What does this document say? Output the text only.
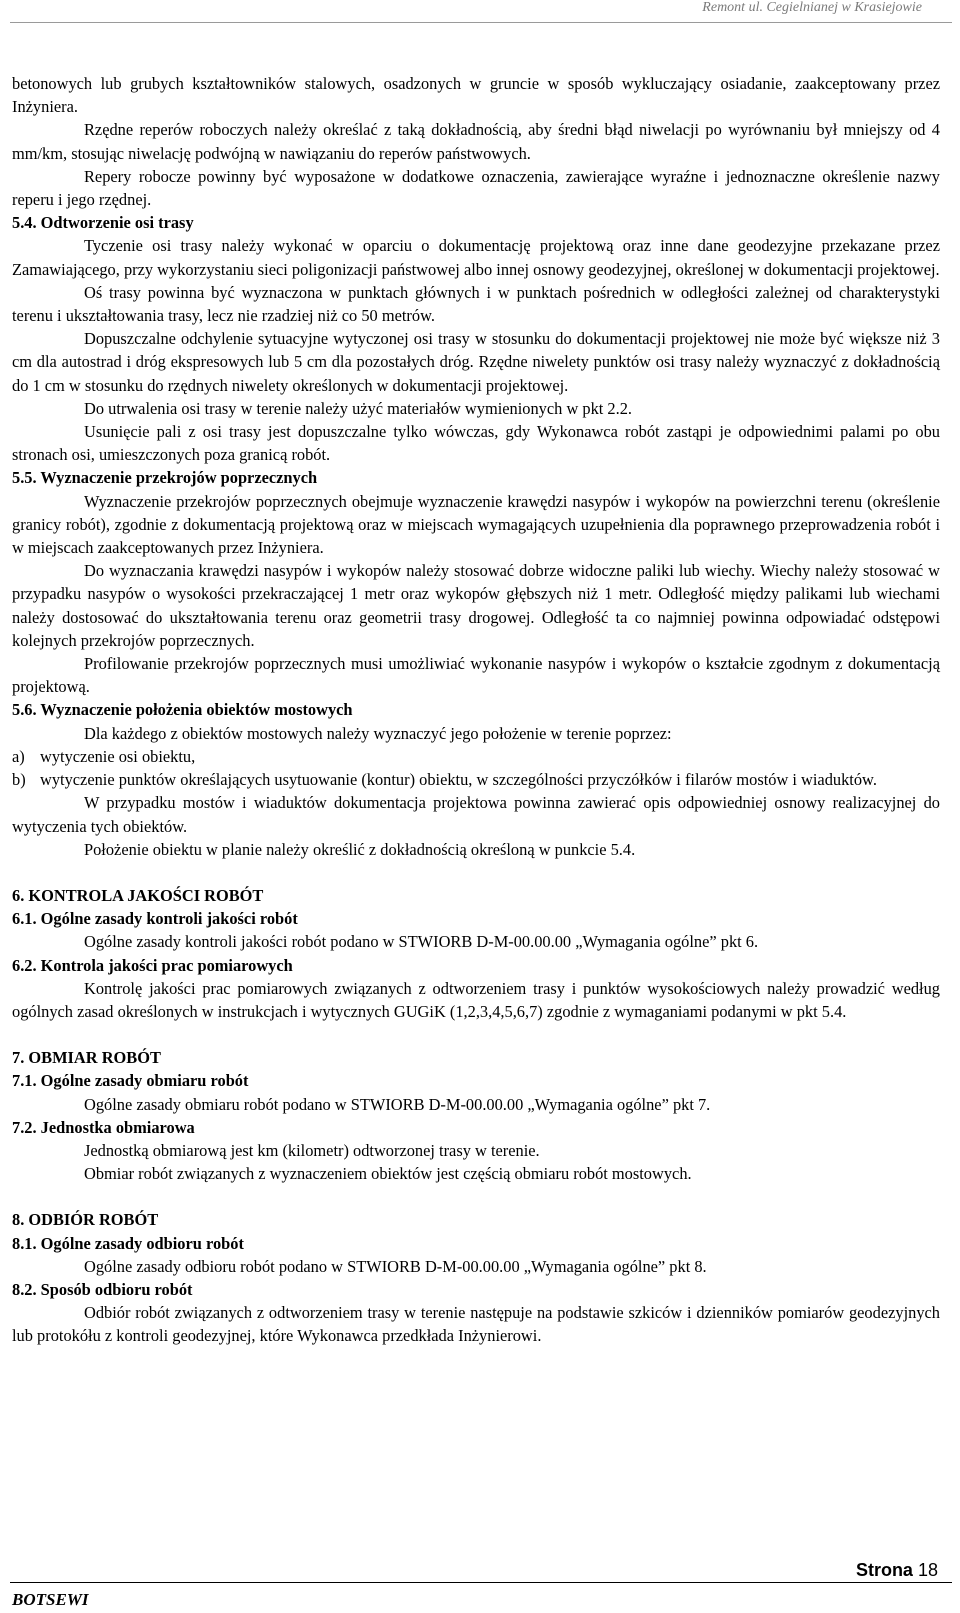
Remont ul. Cegielnianej w Krasiejowie

betonowych lub grubych kształtowników stalowych, osadzonych w gruncie w sposób wykluczający osiadanie, zaakceptowany przez Inżyniera.

Rzędne reperów roboczych należy określać z taką dokładnością, aby średni błąd niwelacji po wyrównaniu był mniejszy od 4 mm/km, stosując niwelację podwójną w nawiązaniu do reperów państwowych.

Repery robocze powinny być wyposażone w dodatkowe oznaczenia, zawierające wyraźne i jednoznaczne określenie nazwy reperu i jego rzędnej.

5.4. Odtworzenie osi trasy

Tyczenie osi trasy należy wykonać w oparciu o dokumentację projektową oraz inne dane geodezyjne przekazane przez Zamawiającego, przy wykorzystaniu sieci poligonizacji państwowej albo innej osnowy geodezyjnej, określonej w dokumentacji projektowej.

Oś trasy powinna być wyznaczona w punktach głównych i w punktach pośrednich w odległości zależnej od charakterystyki terenu i ukształtowania trasy, lecz nie rzadziej niż co 50 metrów.

Dopuszczalne odchylenie sytuacyjne wytyczonej osi trasy w stosunku do dokumentacji projektowej nie może być większe niż 3 cm dla autostrad i dróg ekspresowych lub 5 cm dla pozostałych dróg. Rzędne niwelety punktów osi trasy należy wyznaczyć z dokładnością do 1 cm w stosunku do rzędnych niwelety określonych w dokumentacji projektowej.

Do utrwalenia osi trasy w terenie należy użyć materiałów wymienionych w pkt 2.2.

Usunięcie pali z osi trasy jest dopuszczalne tylko wówczas, gdy Wykonawca robót zastąpi je odpowiednimi palami po obu stronach osi, umieszczonych poza granicą robót.

5.5. Wyznaczenie przekrojów poprzecznych

Wyznaczenie przekrojów poprzecznych obejmuje wyznaczenie krawędzi nasypów i wykopów na powierzchni terenu (określenie granicy robót), zgodnie z dokumentacją projektową oraz w miejscach wymagających uzupełnienia dla poprawnego przeprowadzenia robót i w miejscach zaakceptowanych przez Inżyniera.

Do wyznaczania krawędzi nasypów i wykopów należy stosować dobrze widoczne paliki lub wiechy. Wiechy należy stosować w przypadku nasypów o wysokości przekraczającej 1 metr oraz wykopów głębszych niż 1 metr. Odległość między palikami lub wiechami należy dostosować do ukształtowania terenu oraz geometrii trasy drogowej. Odległość ta co najmniej powinna odpowiadać odstępowi kolejnych przekrojów poprzecznych.

Profilowanie przekrojów poprzecznych musi umożliwiać wykonanie nasypów i wykopów o kształcie zgodnym z dokumentacją projektową.

5.6. Wyznaczenie położenia obiektów mostowych

Dla każdego z obiektów mostowych należy wyznaczyć jego położenie w terenie poprzez:

a) wytyczenie osi obiektu,
b) wytyczenie punktów określających usytuowanie (kontur) obiektu, w szczególności przyczółków i filarów mostów i wiaduktów.

W przypadku mostów i wiaduktów dokumentacja projektowa powinna zawierać opis odpowiedniej osnowy realizacyjnej do wytyczenia tych obiektów.

Położenie obiektu w planie należy określić z dokładnością określoną w punkcie 5.4.

6. KONTROLA JAKOŚCI ROBÓT
6.1. Ogólne zasady kontroli jakości robót

Ogólne zasady kontroli jakości robót podano w STWIORB D-M-00.00.00 „Wymagania ogólne” pkt 6.

6.2. Kontrola jakości prac pomiarowych

Kontrolę jakości prac pomiarowych związanych z odtworzeniem trasy i punktów wysokościowych należy prowadzić według ogólnych zasad określonych w instrukcjach i wytycznych GUGiK (1,2,3,4,5,6,7) zgodnie z wymaganiami podanymi w pkt 5.4.

7. OBMIAR ROBÓT
7.1. Ogólne zasady obmiaru robót

Ogólne zasady obmiaru robót podano w STWIORB D-M-00.00.00 „Wymagania ogólne” pkt 7.

7.2. Jednostka obmiarowa

Jednostką obmiarową jest km (kilometr) odtworzonej trasy w terenie.

Obmiar robót związanych z wyznaczeniem obiektów jest częścią obmiaru robót mostowych.

8. ODBIÓR ROBÓT
8.1. Ogólne zasady odbioru robót

Ogólne zasady odbioru robót podano w STWIORB D-M-00.00.00 „Wymagania ogólne” pkt 8.

8.2. Sposób odbioru robót

Odbiór robót związanych z odtworzeniem trasy w terenie następuje na podstawie szkiców i dzienników pomiarów geodezyjnych lub protokółu z kontroli geodezyjnej, które Wykonawca przedkłada Inżynierowi.

Strona 18
BOTSEWI
